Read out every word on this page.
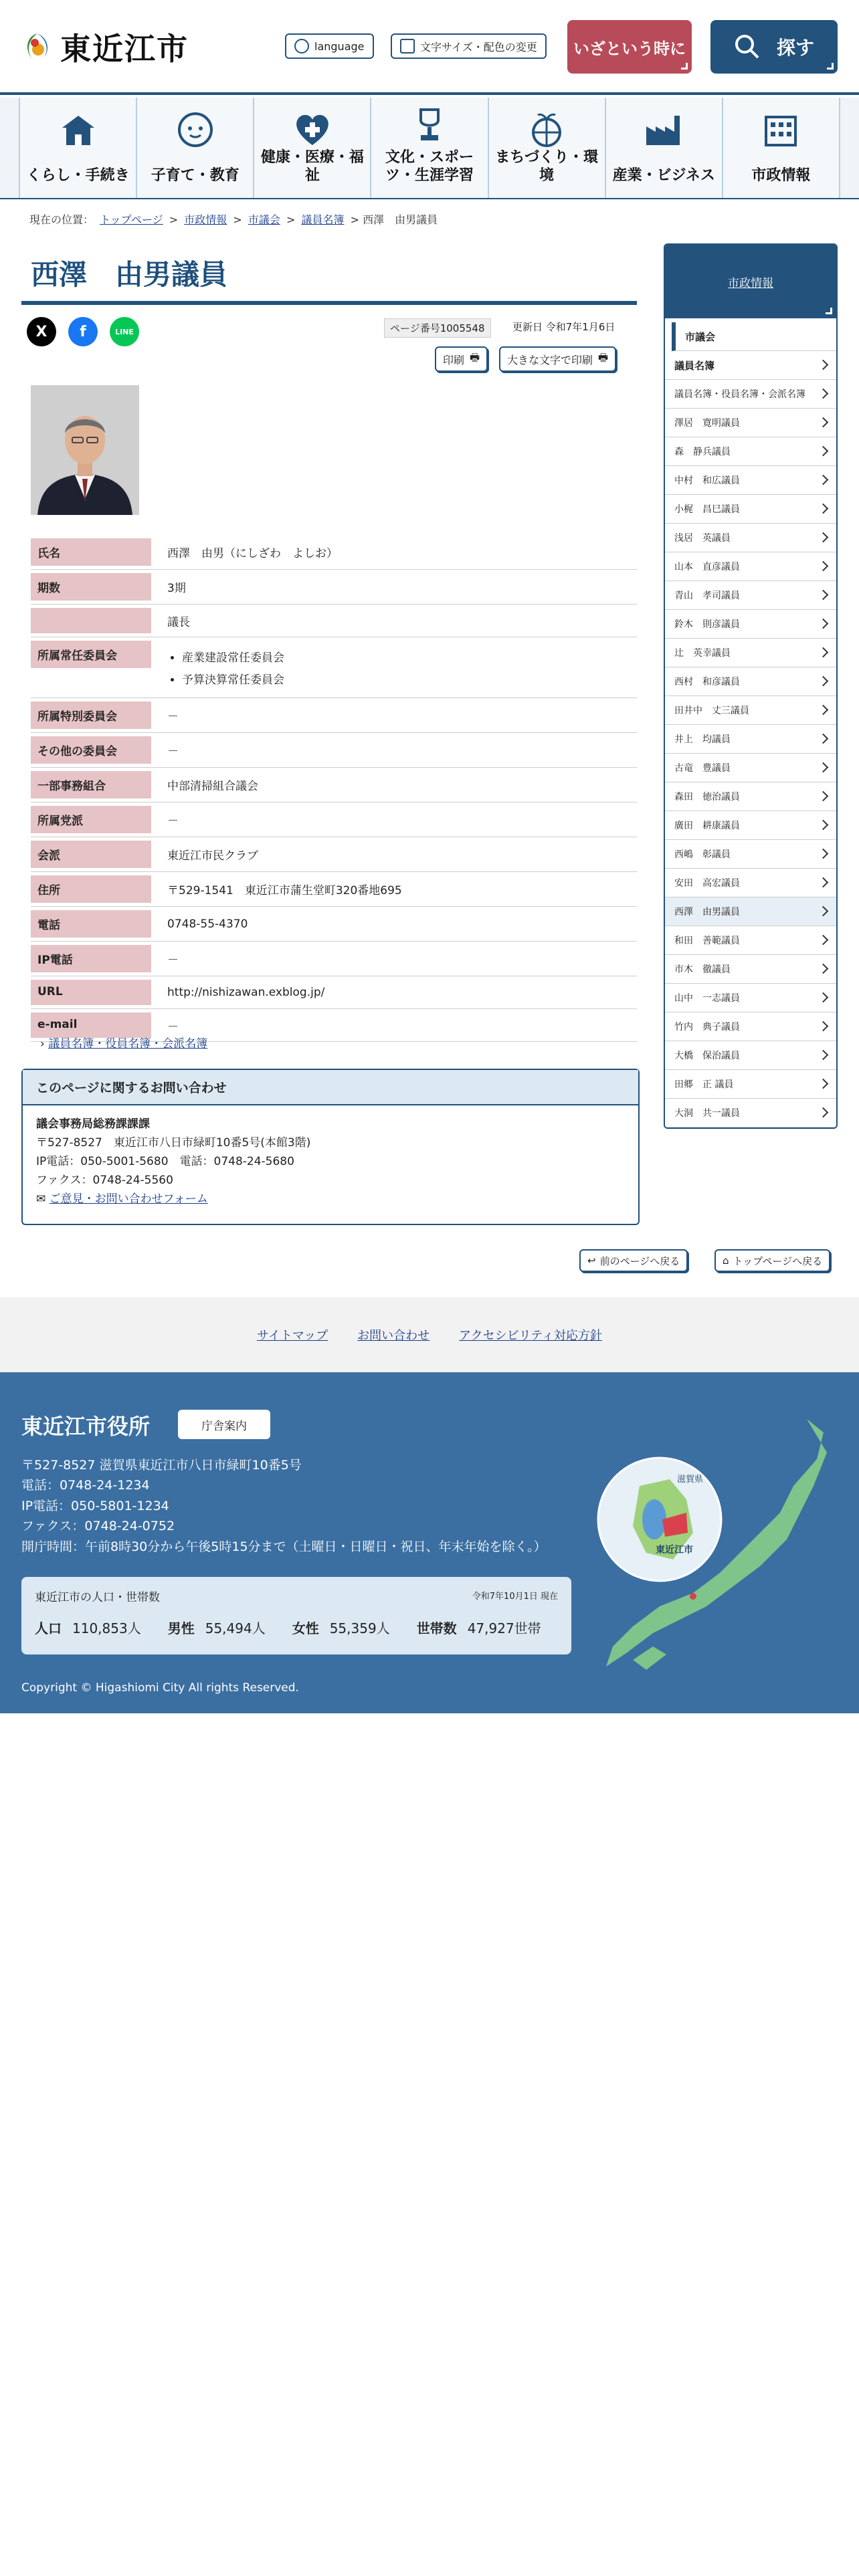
東近江市	language	文字サイズ・配色の変更 いざという時に	探す
くらし・手続き 子育て・教育
健康・医療・福祉
文化・スポーツ・生涯学習
まちづくり・環境	産業・ビジネス 市政情報
現在の位置： トップページ > 市政情報 > 市議会 > 議員名簿 > 西澤　由男議員
西澤　由男議員
X f	LINE	ページ番号1005548	更新日 令和7年1月6日
印刷 🖶	大きな文字で印刷 🖶
氏名	西澤　由男（にしざわ　よしお）
期数	3期
議長
所属常任委員会
•	産業建設常任委員会
• 予算決算常任委員会
所属特別委員会	－
その他の委員会	－
一部事務組合	中部清掃組合議会
所属党派	－
会派	東近江市民クラブ
住所	〒529-1541　東近江市蒲生堂町320番地695
電話	0748-55-4370
IP電話	－
URL	http://nishizawan.exblog.jp/
e-mail	－
› 議員名簿・役員名簿・会派名簿
このページに関するお問い合わせ
議会事務局総務課課課
〒527-8527　東近江市八日市緑町10番5号(本館3階)
IP電話：050-5001-5680　電話：0748-24-5680
ファクス：0748-24-5560
✉ ご意見・お問い合わせフォーム
市政情報
市議会
議員名簿
議員名簿・役員名簿・会派名簿
澤居　寛明議員
森　静兵議員
中村　和広議員
小梶　昌巳議員
浅居　英議員
山本　直彦議員
青山　孝司議員
鈴木　則彦議員
辻　英幸議員
西村　和彦議員
田井中　丈三議員
井上　均議員
古竜　豊議員
森田　徳治議員
廣田　耕康議員
西嶋　彰議員
安田　高宏議員
西澤　由男議員
和田　善範議員
市木　徹議員
山中　一志議員
竹内　典子議員
大橋　保治議員
田郷　正 議員
大洞　共一議員
↩ 前のページへ戻る	⌂ トップページへ戻る
サイトマップ お問い合わせ アクセシビリティ対応方針
東近江市役所	庁舎案内
〒527-8527 滋賀県東近江市八日市緑町10番5号
電話：0748-24-1234
IP電話：050-5801-1234
ファクス：0748-24-0752
開庁時間：午前8時30分から午後5時15分まで（土曜日・日曜日・祝日、年末年始を除く。）
東近江市の人口・世帯数	令和7年10月1日 現在
人口 110,853人 男性 55,494人 女性 55,359人 世帯数 47,927世帯
滋賀県
東近江市
Copyright © Higashiomi City All rights Reserved.
